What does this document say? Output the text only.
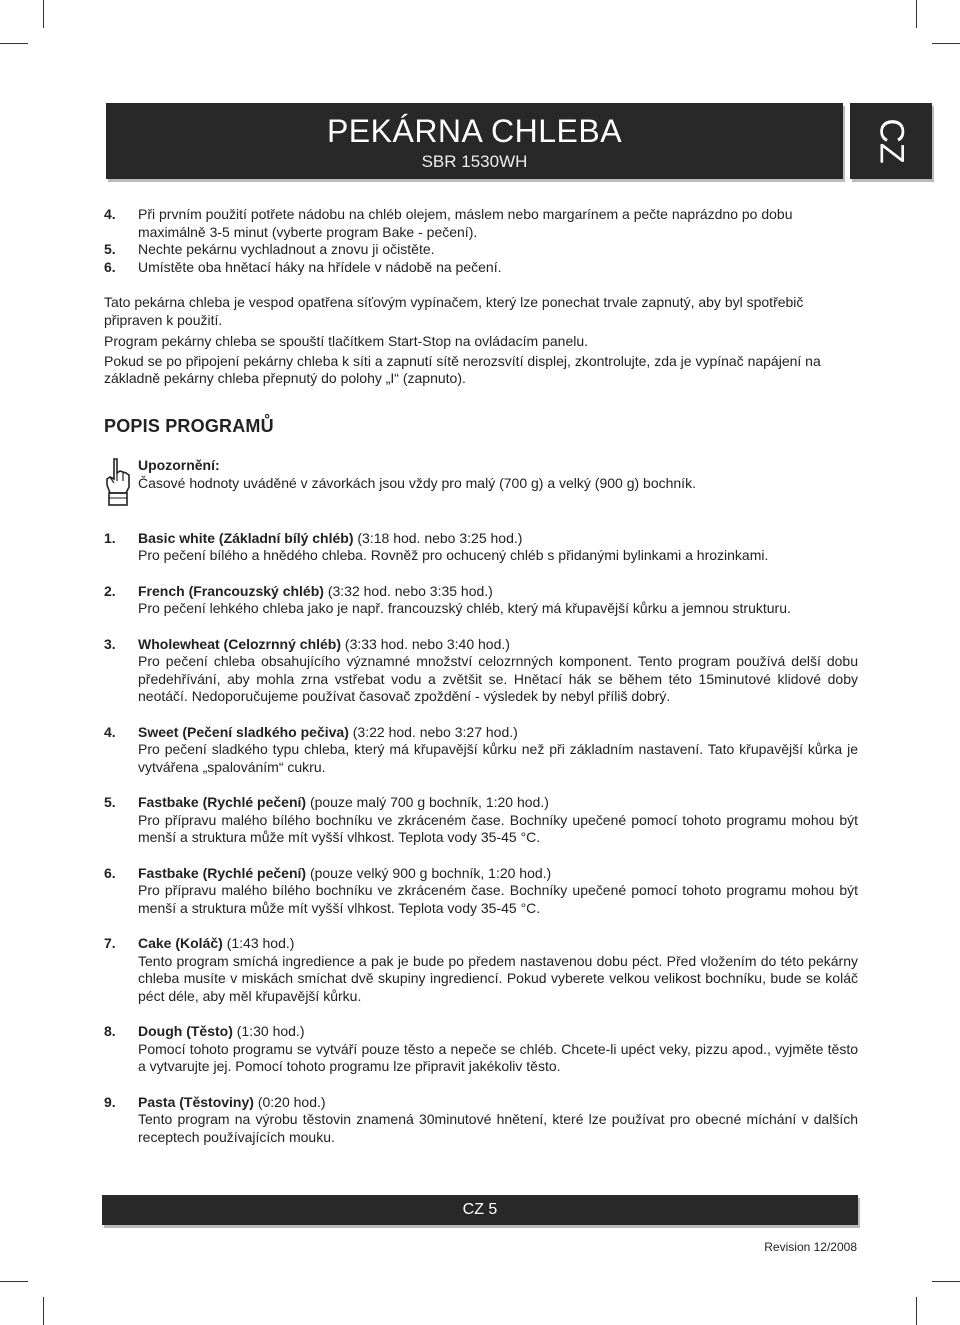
PEKÁRNA CHLEBA
SBR 1530WH	CZ
4.	Při prvním použití potřete nádobu na chléb olejem, máslem nebo margarínem a pečte naprázdno po dobu maximálně 3-5 minut (vyberte program Bake - pečení).
5.	Nechte pekárnu vychladnout a znovu ji očistěte.
6.	Umístěte oba hnětací háky na hřídele v nádobě na pečení.

Tato pekárna chleba je vespod opatřena síťovým vypínačem, který lze ponechat trvale zapnutý, aby byl spotřebič připraven k použití.

Program pekárny chleba se spouští tlačítkem Start-Stop na ovládacím panelu.

Pokud se po připojení pekárny chleba k síti a zapnutí sítě nerozsvítí displej, zkontrolujte, zda je vypínač napájení na základně pekárny chleba přepnutý do polohy „I“ (zapnuto).

POPIS PROGRAMŮ
Upozornění:
Časové hodnoty uváděné v závorkách jsou vždy pro malý (700 g) a velký (900 g) bochník.
1.	Basic white (Základní bílý chléb) (3:18 hod. nebo 3:25 hod.)
Pro pečení bílého a hnědého chleba. Rovněž pro ochucený chléb s přidanými bylinkami a hrozinkami.
2.	French (Francouzský chléb) (3:32 hod. nebo 3:35 hod.)
Pro pečení lehkého chleba jako je např. francouzský chléb, který má křupavější kůrku a jemnou strukturu.
3.	Wholewheat (Celozrnný chléb) (3:33 hod. nebo 3:40 hod.)
Pro pečení chleba obsahujícího významné množství celozrnných komponent. Tento program používá delší dobu předehřívání, aby mohla zrna vstřebat vodu a zvětšit se. Hnětací hák se během této 15minutové klidové doby neotáčí. Nedoporučujeme používat časovač zpoždění - výsledek by nebyl příliš dobrý.
4.	Sweet (Pečení sladkého pečiva) (3:22 hod. nebo 3:27 hod.)
Pro pečení sladkého typu chleba, který má křupavější kůrku než při základním nastavení. Tato křupavější kůrka je vytvářena „spalováním“ cukru.
5.	Fastbake (Rychlé pečení) (pouze malý 700 g bochník, 1:20 hod.)
Pro přípravu malého bílého bochníku ve zkráceném čase. Bochníky upečené pomocí tohoto programu mohou být menší a struktura může mít vyšší vlhkost. Teplota vody 35-45 °C.
6.	Fastbake (Rychlé pečení) (pouze velký 900 g bochník, 1:20 hod.)
Pro přípravu malého bílého bochníku ve zkráceném čase. Bochníky upečené pomocí tohoto programu mohou být menší a struktura může mít vyšší vlhkost. Teplota vody 35-45 °C.
7.	Cake (Koláč) (1:43 hod.)
Tento program smíchá ingredience a pak je bude po předem nastavenou dobu péct. Před vložením do této pekárny chleba musíte v miskách smíchat dvě skupiny ingrediencí. Pokud vyberete velkou velikost bochníku, bude se koláč péct déle, aby měl křupavější kůrku.
8.	Dough (Těsto) (1:30 hod.)
Pomocí tohoto programu se vytváří pouze těsto a nepeče se chléb. Chcete-li upéct veky, pizzu apod., vyjměte těsto a vytvarujte jej. Pomocí tohoto programu lze připravit jakékoliv těsto.
9.	Pasta (Těstoviny) (0:20 hod.)
Tento program na výrobu těstovin znamená 30minutové hnětení, které lze používat pro obecné míchání v dalších receptech používajících mouku.
CZ 5
Revision 12/2008
